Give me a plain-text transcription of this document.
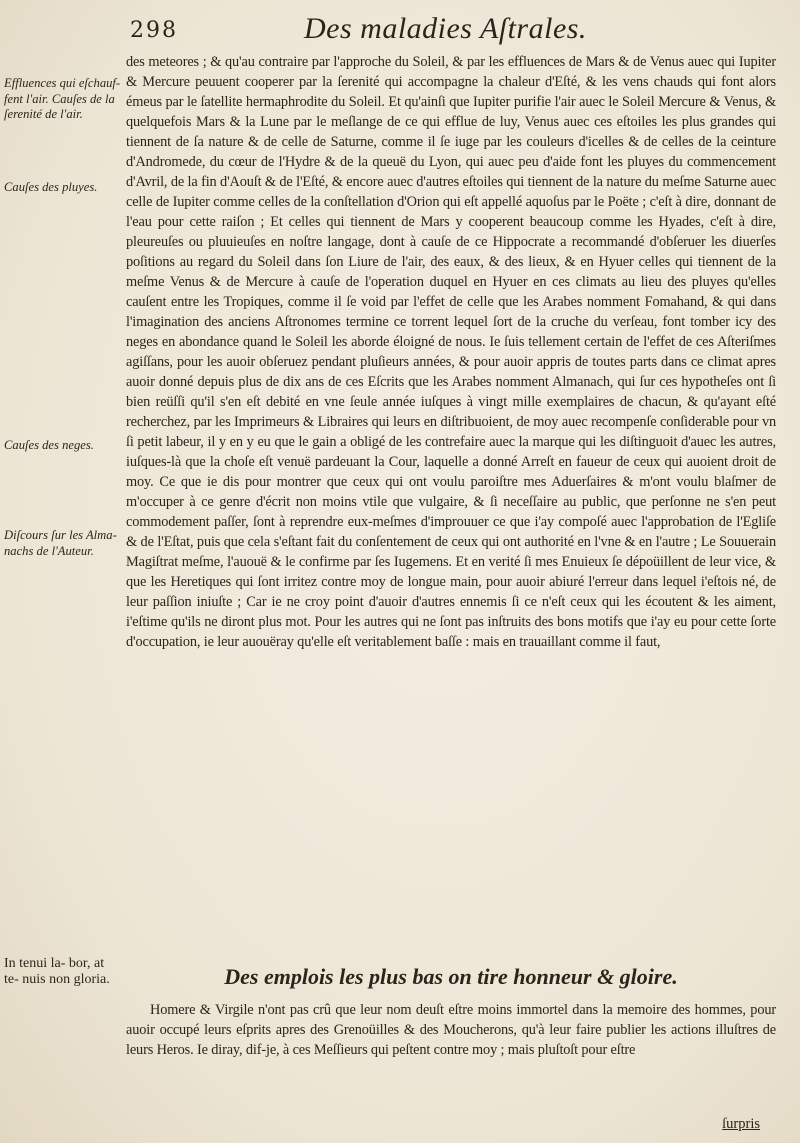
298	Des maladies Aſtrales.
Effluences qui eſchauf- fent l'air. Cauſes de la ſerenité de l'air.
Cauſes des pluyes.
Cauſes des neges.
Diſcours ſur les Alma- nachs de l'Auteur.
In tenui la- bor, at te- nuis non gloria.

des meteores ; & qu'au contraire par l'approche du Soleil, & par les effluences de Mars & de Venus auec qui Iupiter & Mercure peuuent cooperer par la ſerenité qui accompagne la chaleur d'Eſté, & les vens chauds qui font alors émeus par le ſatellite hermaphrodite du Soleil. Et qu'ainſi que Iupiter purifie l'air auec le Soleil Mercure & Venus, & quelquefois Mars & la Lune par le meſlange de ce qui efflue de luy, Venus auec ces eſtoiles les plus grandes qui tiennent de ſa nature & de celle de Saturne, comme il ſe iuge par les couleurs d'icelles & de celles de la ceinture d'Andromede, du cœur de l'Hydre & de la queuë du Lyon, qui auec peu d'aide font les pluyes du commencement d'Avril, de la fin d'Aouſt & de l'Eſté, & encore auec d'autres eſtoiles qui tiennent de la nature du meſme Saturne auec celle de Iupiter comme celles de la conſtellation d'Orion qui eſt appellé aquoſus par le Poëte ; c'eſt à dire, donnant de l'eau pour cette raiſon ; Et celles qui tiennent de Mars y cooperent beaucoup comme les Hyades, c'eſt à dire, pleureuſes ou pluuieuſes en noſtre langage, dont à cauſe de ce Hippocrate a recommandé d'obſeruer les diuerſes poſitions au regard du Soleil dans ſon Liure de l'air, des eaux, & des lieux, & en Hyuer celles qui tiennent de la meſme Venus & de Mercure à cauſe de l'operation duquel en Hyuer en ces climats au lieu des pluyes qu'elles cauſent entre les Tropiques, comme il ſe void par l'effet de celle que les Arabes nomment Fomahand, & qui dans l'imagination des anciens Aſtronomes termine ce torrent lequel ſort de la cruche du verſeau, font tomber icy des neges en abondance quand le Soleil les aborde éloigné de nous. Ie ſuis tellement certain de l'effet de ces Aſteriſmes agiſſans, pour les auoir obſeruez pendant pluſieurs années, & pour auoir appris de toutes parts dans ce climat apres auoir donné depuis plus de dix ans de ces Eſcrits que les Arabes nomment Almanach, qui ſur ces hypotheſes ont ſi bien reüſſi qu'il s'en eſt debité en vne ſeule année iuſques à vingt mille exemplaires de chacun, & qu'ayant eſté recherchez, par les Imprimeurs & Libraires qui leurs en diſtribuoient, de moy auec recompenſe conſiderable pour vn ſi petit labeur, il y en y eu que le gain a obligé de les contrefaire auec la marque qui les diſtinguoit d'auec les autres, iuſques-là que la choſe eſt venuë pardeuant la Cour, laquelle a donné Arreſt en faueur de ceux qui auoient droit de moy. Ce que ie dis pour montrer que ceux qui ont voulu paroiſtre mes Aduerſaires & m'ont voulu blaſmer de m'occuper à ce genre d'écrit non moins vtile que vulgaire, & ſi neceſſaire au public, que perſonne ne s'en peut commodement paſſer, ſont à reprendre eux-meſmes d'improuuer ce que i'ay compoſé auec l'approbation de l'Egliſe & de l'Eſtat, puis que cela s'eſtant fait du conſentement de ceux qui ont authorité en l'vne & en l'autre ; Le Souuerain Magiſtrat meſme, l'auouë & le confirme par ſes Iugemens. Et en verité ſi mes Enuieux ſe dépoüillent de leur vice, & que les Heretiques qui ſont irritez contre moy de longue main, pour auoir abiuré l'erreur dans lequel i'eſtois né, de leur paſſion iniuſte ; Car ie ne croy point d'auoir d'autres ennemis ſi ce n'eſt ceux qui les écoutent & les aiment, i'eſtime qu'ils ne diront plus mot. Pour les autres qui ne ſont pas inſtruits des bons motifs que i'ay eu pour cette ſorte d'occupation, ie leur auouëray qu'elle eſt veritablement baſſe : mais en trauaillant comme il faut,

Des emplois les plus bas on tire honneur & gloire.

Homere & Virgile n'ont pas crû que leur nom deuſt eſtre moins immortel dans la memoire des hommes, pour auoir occupé leurs eſprits apres des Grenoüilles & des Moucherons, qu'à leur faire publier les actions illuſtres de leurs Heros. Ie diray, dif-je, à ces Meſſieurs qui peſtent contre moy ; mais pluſtoſt pour eſtre

ſurpris
